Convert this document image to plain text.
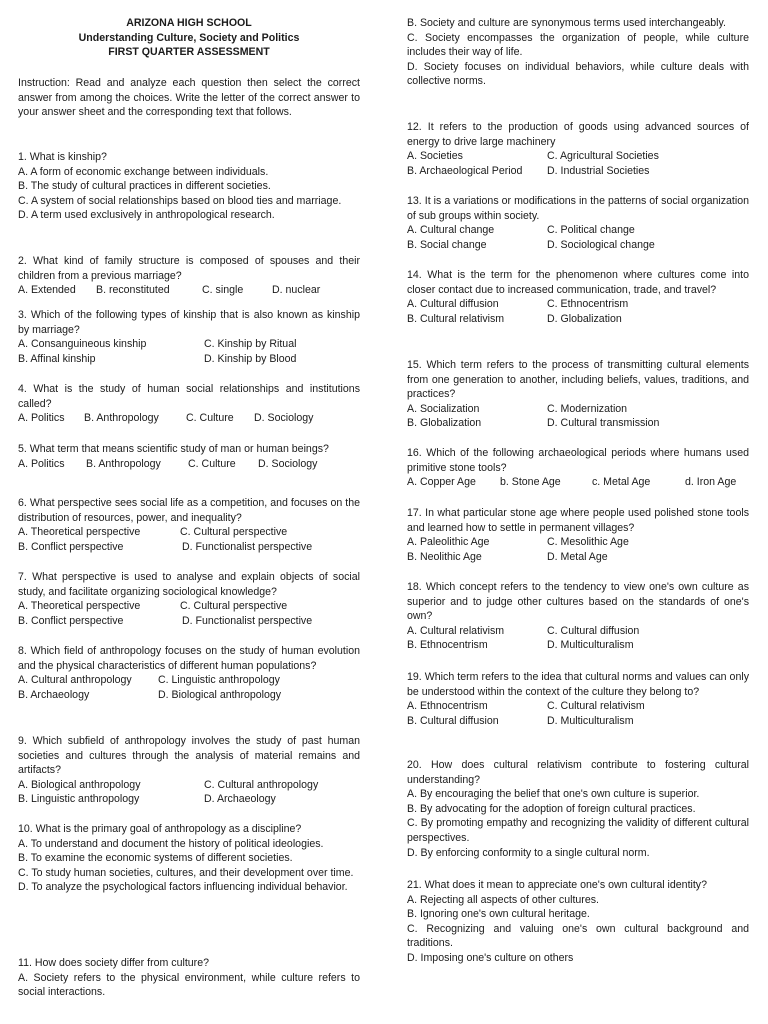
ARIZONA HIGH SCHOOL

Understanding Culture, Society and Politics

FIRST QUARTER ASSESSMENT

Instruction: Read and analyze each question then select the correct answer from among the choices. Write the letter of the correct answer to your answer sheet and the corresponding text that follows.

1. What is kinship?

A. A form of economic exchange between individuals.

B. The study of cultural practices in different societies.

C. A system of social relationships based on blood ties and marriage.

D. A term used exclusively in anthropological research.

2. What kind of family structure is composed of spouses and their children from a previous marriage?

A. Extended	B. reconstituted	C. single	D. nuclear

3. Which of the following types of kinship that is also known as kinship by marriage?

A. Consanguineous kinship	C. Kinship by Ritual
B. Affinal kinship	D. Kinship by Blood

4. What is the study of human social relationships and institutions called?

A. Politics	B. Anthropology	C. Culture	D. Sociology

5. What term that means scientific study of man or human beings?

A. Politics	B. Anthropology	C. Culture	D. Sociology

6. What perspective sees social life as a competition, and focuses on the distribution of resources, power, and inequality?

A. Theoretical perspective	C. Cultural perspective
B. Conflict perspective	D. Functionalist perspective

7. What perspective is used to analyse and explain objects of social study, and facilitate organizing sociological knowledge?

A. Theoretical perspective	C. Cultural perspective
B. Conflict perspective	D. Functionalist perspective

8. Which field of anthropology focuses on the study of human evolution and the physical characteristics of different human populations?

A. Cultural anthropology	C. Linguistic anthropology
B. Archaeology	D. Biological anthropology

9. Which subfield of anthropology involves the study of past human societies and cultures through the analysis of material remains and artifacts?

A. Biological anthropology	C. Cultural anthropology
B. Linguistic anthropology	D. Archaeology

10. What is the primary goal of anthropology as a discipline?

A. To understand and document the history of political ideologies.

B. To examine the economic systems of different societies.

C. To study human societies, cultures, and their development over time.

D. To analyze the psychological factors influencing individual behavior.

11. How does society differ from culture?

A. Society refers to the physical environment, while culture refers to social interactions.

B. Society and culture are synonymous terms used interchangeably.

C. Society encompasses the organization of people, while culture includes their way of life.

D. Society focuses on individual behaviors, while culture deals with collective norms.

12. It refers to the production of goods using advanced sources of energy to drive large machinery

A. Societies	C. Agricultural Societies
B. Archaeological Period	D. Industrial Societies

13. It is a variations or modifications in the patterns of social organization of sub groups within society.

A. Cultural change	C. Political change
B. Social change	D. Sociological change

14. What is the term for the phenomenon where cultures come into closer contact due to increased communication, trade, and travel?

A. Cultural diffusion	C. Ethnocentrism
B. Cultural relativism	D. Globalization

15. Which term refers to the process of transmitting cultural elements from one generation to another, including beliefs, values, traditions, and practices?

A. Socialization	C. Modernization
B. Globalization	D. Cultural transmission

16. Which of the following archaeological periods where humans used primitive stone tools?

A. Copper Age	b. Stone Age	c. Metal Age	d. Iron Age

17. In what particular stone age where people used polished stone tools and learned how to settle in permanent villages?

A. Paleolithic Age	C. Mesolithic Age
B. Neolithic Age	D. Metal Age

18. Which concept refers to the tendency to view one's own culture as superior and to judge other cultures based on the standards of one's own?

A. Cultural relativism	C. Cultural diffusion
B. Ethnocentrism	D. Multiculturalism

19. Which term refers to the idea that cultural norms and values can only be understood within the context of the culture they belong to?

A. Ethnocentrism	C. Cultural relativism
B. Cultural diffusion	D. Multiculturalism

20. How does cultural relativism contribute to fostering cultural understanding?

A. By encouraging the belief that one's own culture is superior.

B. By advocating for the adoption of foreign cultural practices.

C. By promoting empathy and recognizing the validity of different cultural perspectives.

D. By enforcing conformity to a single cultural norm.

21. What does it mean to appreciate one's own cultural identity?

A. Rejecting all aspects of other cultures.

B. Ignoring one's own cultural heritage.

C. Recognizing and valuing one's own cultural background and traditions.

D. Imposing one's culture on others
